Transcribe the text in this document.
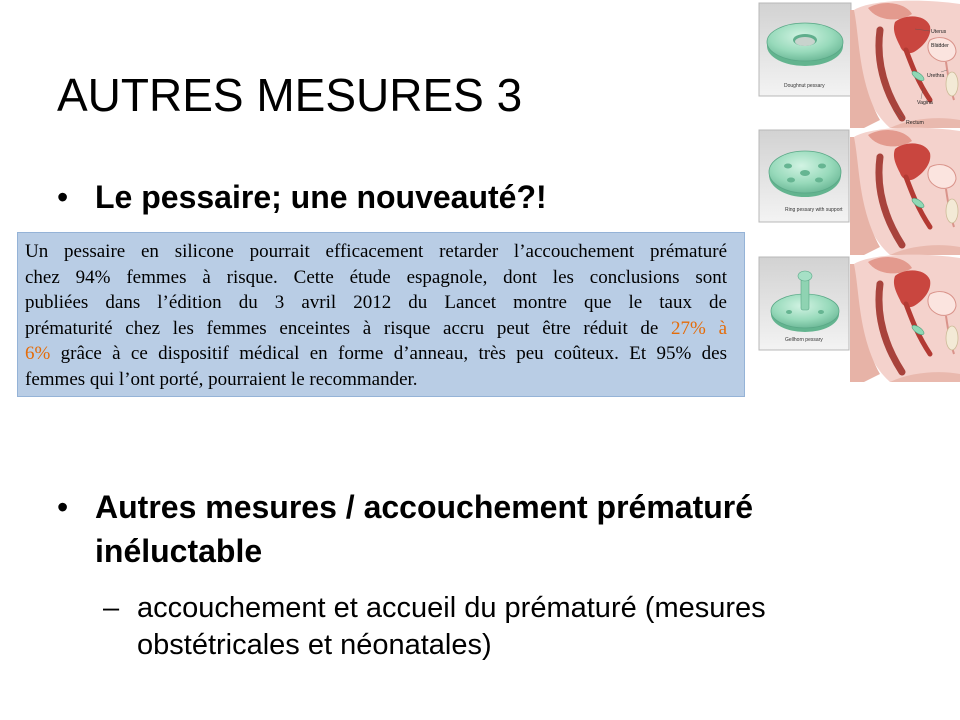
AUTRES MESURES 3
• Le pessaire; une nouveauté?!
Un pessaire en silicone pourrait efficacement retarder l’accouchement prématuré
chez 94% femmes à risque. Cette étude espagnole, dont les conclusions sont
publiées dans l’édition du 3 avril 2012 du Lancet montre que le taux de
prématurité chez les femmes enceintes à risque accru peut être réduit de 27% à
6% grâce à ce dispositif médical en forme d’anneau, très peu coûteux. Et 95% des
femmes qui l’ont porté, pourraient le recommander.
• Autres mesures / accouchement prématuré inéluctable
– accouchement et accueil du prématuré (mesures obstétricales et néonatales)
Doughnut pessary
Uterus
Bladder
Urethra
Vagina
Rectum
Ring pessary with support
Gellhorn pessary
